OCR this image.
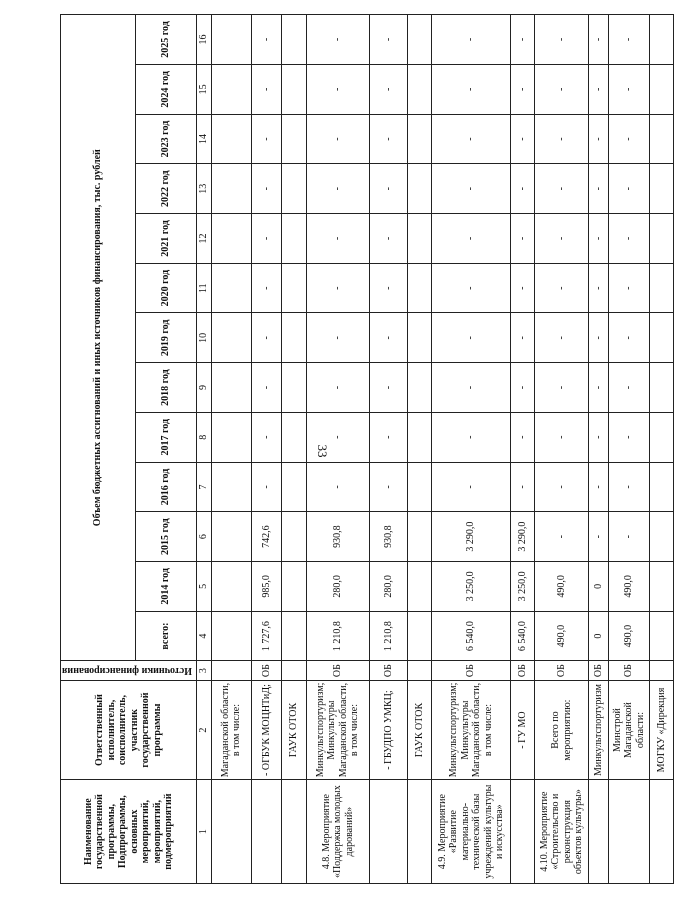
33
Наименование государственной программы, Подпрограммы, основных мероприятий, мероприятий, подмероприятий	Ответственный исполнитель, соисполнитель, участник государственной программы	Источники финансирования	Объем бюджетных ассигнований и иных источников финансирования, тыс. рублей												
			всего:	2014 год	2015 год	2016 год	2017 год	2018 год	2019 год	2020 год	2021 год	2022 год	2023 год	2024 год	2025 год
1	2	3	4	5	6	7	8	9	10	11	12	13	14	15	16
	Магаданской области, в том числе:														
	- ОГБУК МОЦНТиД;	ОБ	1 727,6	985,0	742,6	-	-	-	-	-	-	-	-	-	-
	ГАУК ОТОК														
4.8. Мероприятие «Поддержка молодых дарований»	Минкультспортуризм; Минкультуры Магаданской области, в том числе:	ОБ	1 210,8	280,0	930,8	-	-	-	-	-	-	-	-	-	-
	- ГБУДПО УМКЦ;	ОБ	1 210,8	280,0	930,8	-	-	-	-	-	-	-	-	-	-
	ГАУК ОТОК														
4.9. Мероприятие «Развитие материально-технической базы учреждений культуры и искусства»	Минкультспортуризм; Минкультуры Магаданской области, в том числе:	ОБ	6 540,0	3 250,0	3 290,0	-	-	-	-	-	-	-	-	-	-
	- ГУ МО	ОБ	6 540,0	3 250,0	3 290,0	-	-	-	-	-	-	-	-	-	-
4.10. Мероприятие «Строительство и реконструкция объектов культуры»	Всего по мероприятию:	ОБ	490,0	490,0	-	-	-	-	-	-	-	-	-	-	-
	Минкультспортуризм	ОБ	0	0	-	-	-	-	-	-	-	-	-	-	-
	Минстрой Магаданской области:	ОБ	490,0	490,0	-	-	-	-	-	-	-	-	-	-	-
	МОГКУ «Дирекция														
